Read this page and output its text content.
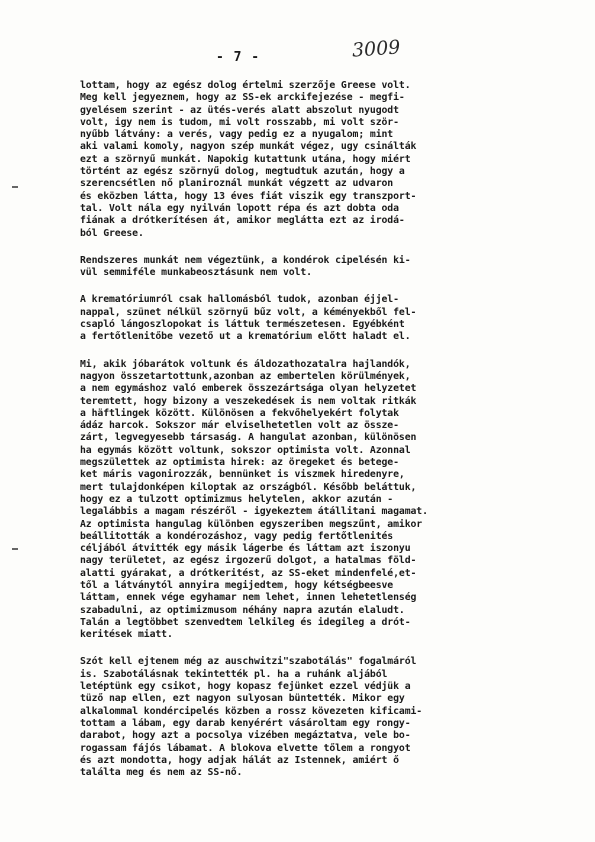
- 7 -	3009
lottam, hogy az egész dolog értelmi szerzője Greese volt.
Meg kell jegyeznem, hogy az SS-ek arckifejezése - megfi-
gyelésem szerint - az ütés-verés alatt abszolut nyugodt
volt, igy nem is tudom, mi volt rosszabb, mi volt ször-
nyűbb látvány: a verés, vagy pedig ez a nyugalom; mint
aki valami komoly, nagyon szép munkát végez, ugy csinálták
ezt a szörnyű munkát. Napokig kutattunk utána, hogy miért
történt az egész szörnyű dolog, megtudtuk azután, hogy a
szerencsétlen nő planiroznál munkát végzett az udvaron
és eközben látta, hogy 13 éves fiát viszik egy transzport-
tal. Volt nála egy nyilván lopott répa és azt dobta oda
fiának a drótkerítésen át, amikor meglátta ezt az irodá-
ból Greese.
Rendszeres munkát nem végeztünk, a kondérok cipelésén ki-
vül semmiféle munkabeosztásunk nem volt.
A krematóriumról csak hallomásból tudok, azonban éjjel-
nappal, szünet nélkül szörnyű bűz volt, a kéményekből fel-
csapló lángoszlopokat is láttuk természetesen. Egyébként
a fertőtlenitőbe vezető ut a krematórium előtt haladt el.
Mi, akik jóbarátok voltunk és áldozathozatalra hajlandók,
nagyon összetartottunk,azonban az embertelen körülmények,
a nem egymáshoz való emberek összezártsága olyan helyzetet
teremtett, hogy bizony a veszekedések is nem voltak ritkák
a häftlingek között. Különösen a fekvőhelyekért folytak
ádáz harcok. Sokszor már elviselhetetlen volt az össze-
zárt, legvegyesebb társaság. A hangulat azonban, különösen
ha egymás között voltunk, sokszor optimista volt. Azonnal
megszülettek az optimista hirek: az öregeket és betege-
ket máris vagonirozzák, bennünket is viszmek hiredenyre,
mert tulajdonképen kiloptak az országból. Később beláttuk,
hogy ez a tulzott optimizmus helytelen, akkor azután -
legalábbis a magam részéről - igyekeztem átállitani magamat.
Az optimista hangulag különben egyszeriben megszűnt, amikor
beállitották a kondérozáshoz, vagy pedig fertőtlenités
céljából átvitték egy másik lágerbe és láttam azt iszonyu
nagy területet, az egész irgozerű dolgot, a hatalmas föld-
alatti gyárakat, a drótkeritést, az SS-eket mindenfelé,et-
től a látványtól annyira megijedtem, hogy kétségbeesve
láttam, ennek vége egyhamar nem lehet, innen lehetetlenség
szabadulni, az optimizmusom néhány napra azután elaludt.
Talán a legtöbbet szenvedtem lelkileg és idegileg a drót-
keritések miatt.
Szót kell ejtenem még az auschwitzi"szabotálás" fogalmáról
is. Szabotálásnak tekintették pl. ha a ruhánk aljából
letéptünk egy csikot, hogy kopasz fejünket ezzel védjük a
tüző nap ellen, ezt nagyon sulyosan büntették. Mikor egy
alkalommal kondércipelés közben a rossz kövezeten kificami-
tottam a lábam, egy darab kenyérért vásároltam egy rongy-
darabot, hogy azt a pocsolya vizében megáztatva, vele bo-
rogassam fájós lábamat. A blokova elvette tőlem a rongyot
és azt mondotta, hogy adjak hálát az Istennek, amiért ő
találta meg és nem az SS-nő.
